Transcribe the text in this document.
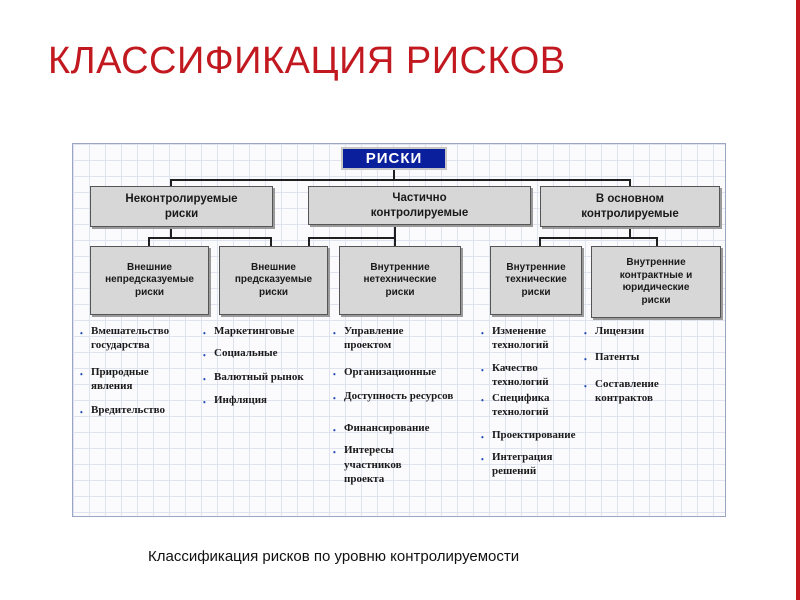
КЛАССИФИКАЦИЯ РИСКОВ
РИСКИ
Неконтролируемые
риски
Частично
контролируемые
В основном
контролируемые
Внешние
непредсказуемые
риски
Внешние
предсказуемые
риски
Внутренние
нетехнические
риски
Внутренние
технические
риски
Внутренние
контрактные и
юридические
риски
• Вмешательство
государства
• Природные
явления
• Вредительство
• Маркетинговые
• Социальные
• Валютный рынок
• Инфляция
• Управление
проектом
• Организационные
• Доступность ресурсов
• Финансирование
• Интересы
участников
проекта
• Изменение
технологий
• Качество
технологий
• Специфика
технологий
• Проектирование
• Интеграция
решений
• Лицензии
• Патенты
• Составление
контрактов
Классификация рисков по уровню контролируемости
